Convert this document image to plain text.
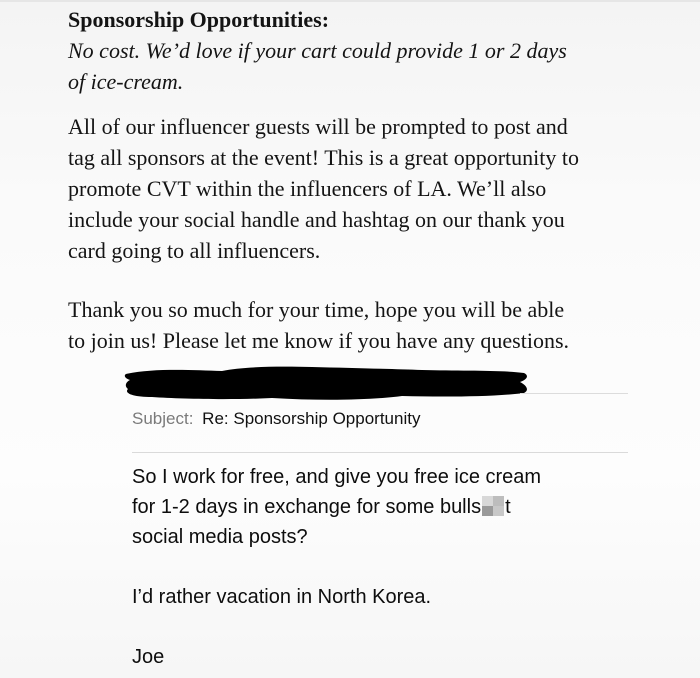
Sponsorship Opportunities:

No cost. We’d love if your cart could provide 1 or 2 days

of ice-cream.

All of our influencer guests will be prompted to post and

tag all sponsors at the event! This is a great opportunity to

promote CVT within the influencers of LA. We’ll also

include your social handle and hashtag on our thank you

card going to all influencers.

Thank you so much for your time, hope you will be able

to join us! Please let me know if you have any questions.

Subject: Re: Sponsorship Opportunity

So I work for free, and give you free ice cream

for 1-2 days in exchange for some bulls t

social media posts?

I’d rather vacation in North Korea.

Joe
